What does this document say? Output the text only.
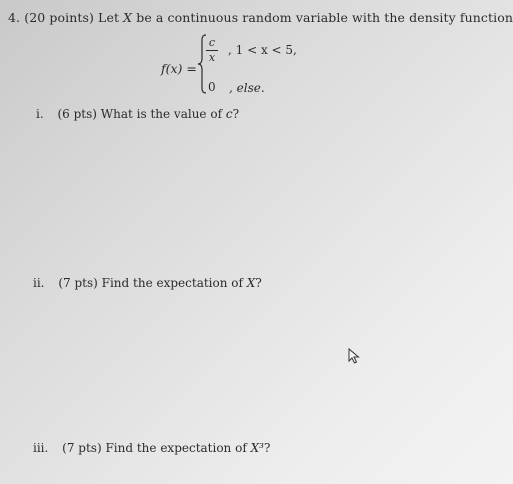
4. (20 points) Let X be a continuous random variable with the density function
f(x) =
c
x
, 1 < x < 5,
0 , else.
i. (6 pts) What is the value of c?
ii. (7 pts) Find the expectation of X?
iii. (7 pts) Find the expectation of X³?
